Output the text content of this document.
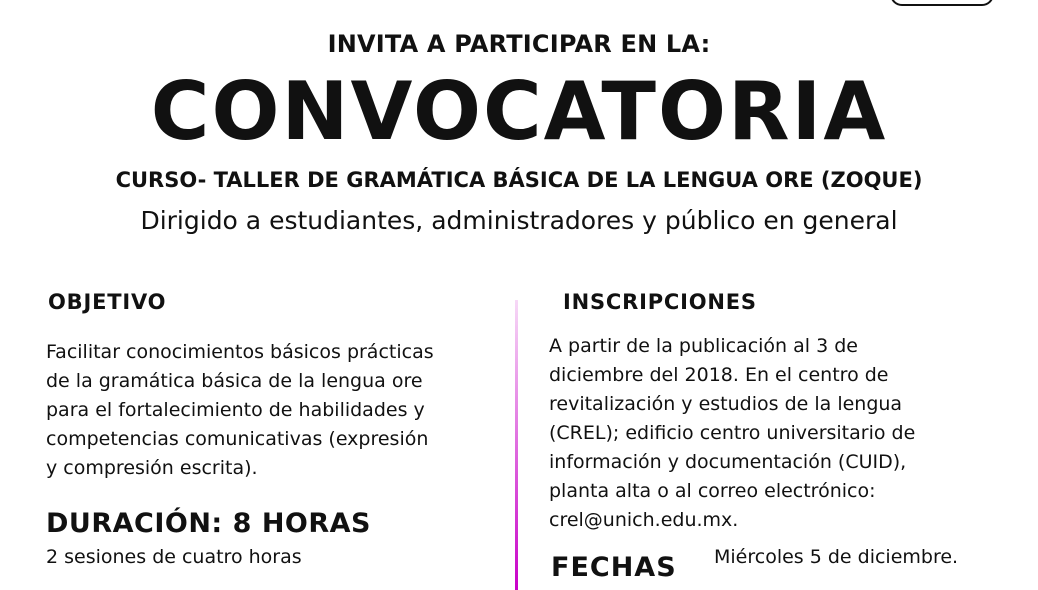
INVITA A PARTICIPAR EN LA:
CONVOCATORIA
CURSO- TALLER DE GRAMÁTICA BÁSICA DE LA LENGUA ORE (ZOQUE)
Dirigido a estudiantes, administradores y público en general
OBJETIVO
Facilitar conocimientos básicos prácticas
de la gramática básica de la lengua ore
para el fortalecimiento de habilidades y
competencias comunicativas (expresión
y compresión escrita).
DURACIÓN: 8 HORAS
2 sesiones de cuatro horas
INSCRIPCIONES
A partir de la publicación al 3 de
diciembre del 2018. En el centro de
revitalización y estudios de la lengua
(CREL); edificio centro universitario de
información y documentación (CUID),
planta alta o al correo electrónico:
crel@unich.edu.mx.
FECHAS Miércoles 5 de diciembre.
